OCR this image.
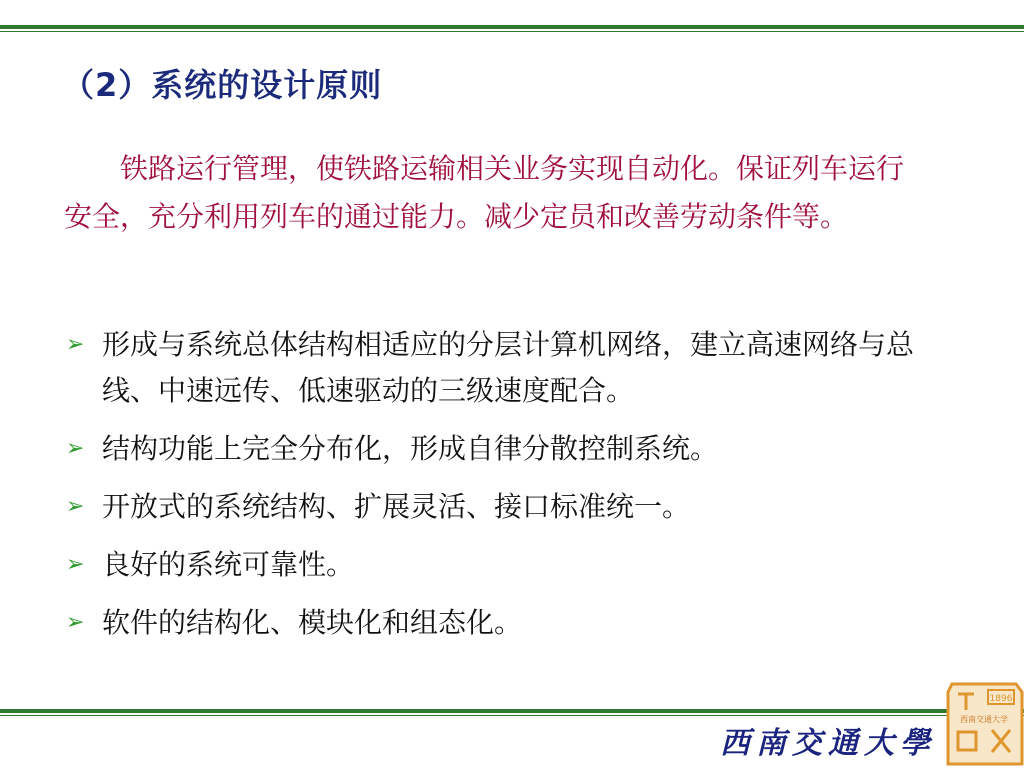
（2）系统的设计原则
铁路运行管理，使铁路运输相关业务实现自动化。保证列车运行安全，充分利用列车的通过能力。减少定员和改善劳动条件等。
➢ 形成与系统总体结构相适应的分层计算机网络，建立高速网络与总线、中速远传、低速驱动的三级速度配合。
➢ 结构功能上完全分布化，形成自律分散控制系统。
➢ 开放式的系统结构、扩展灵活、接口标准统一。
➢ 良好的系统可靠性。
➢ 软件的结构化、模块化和组态化。
西南交通大學
1896
西南交通大学
